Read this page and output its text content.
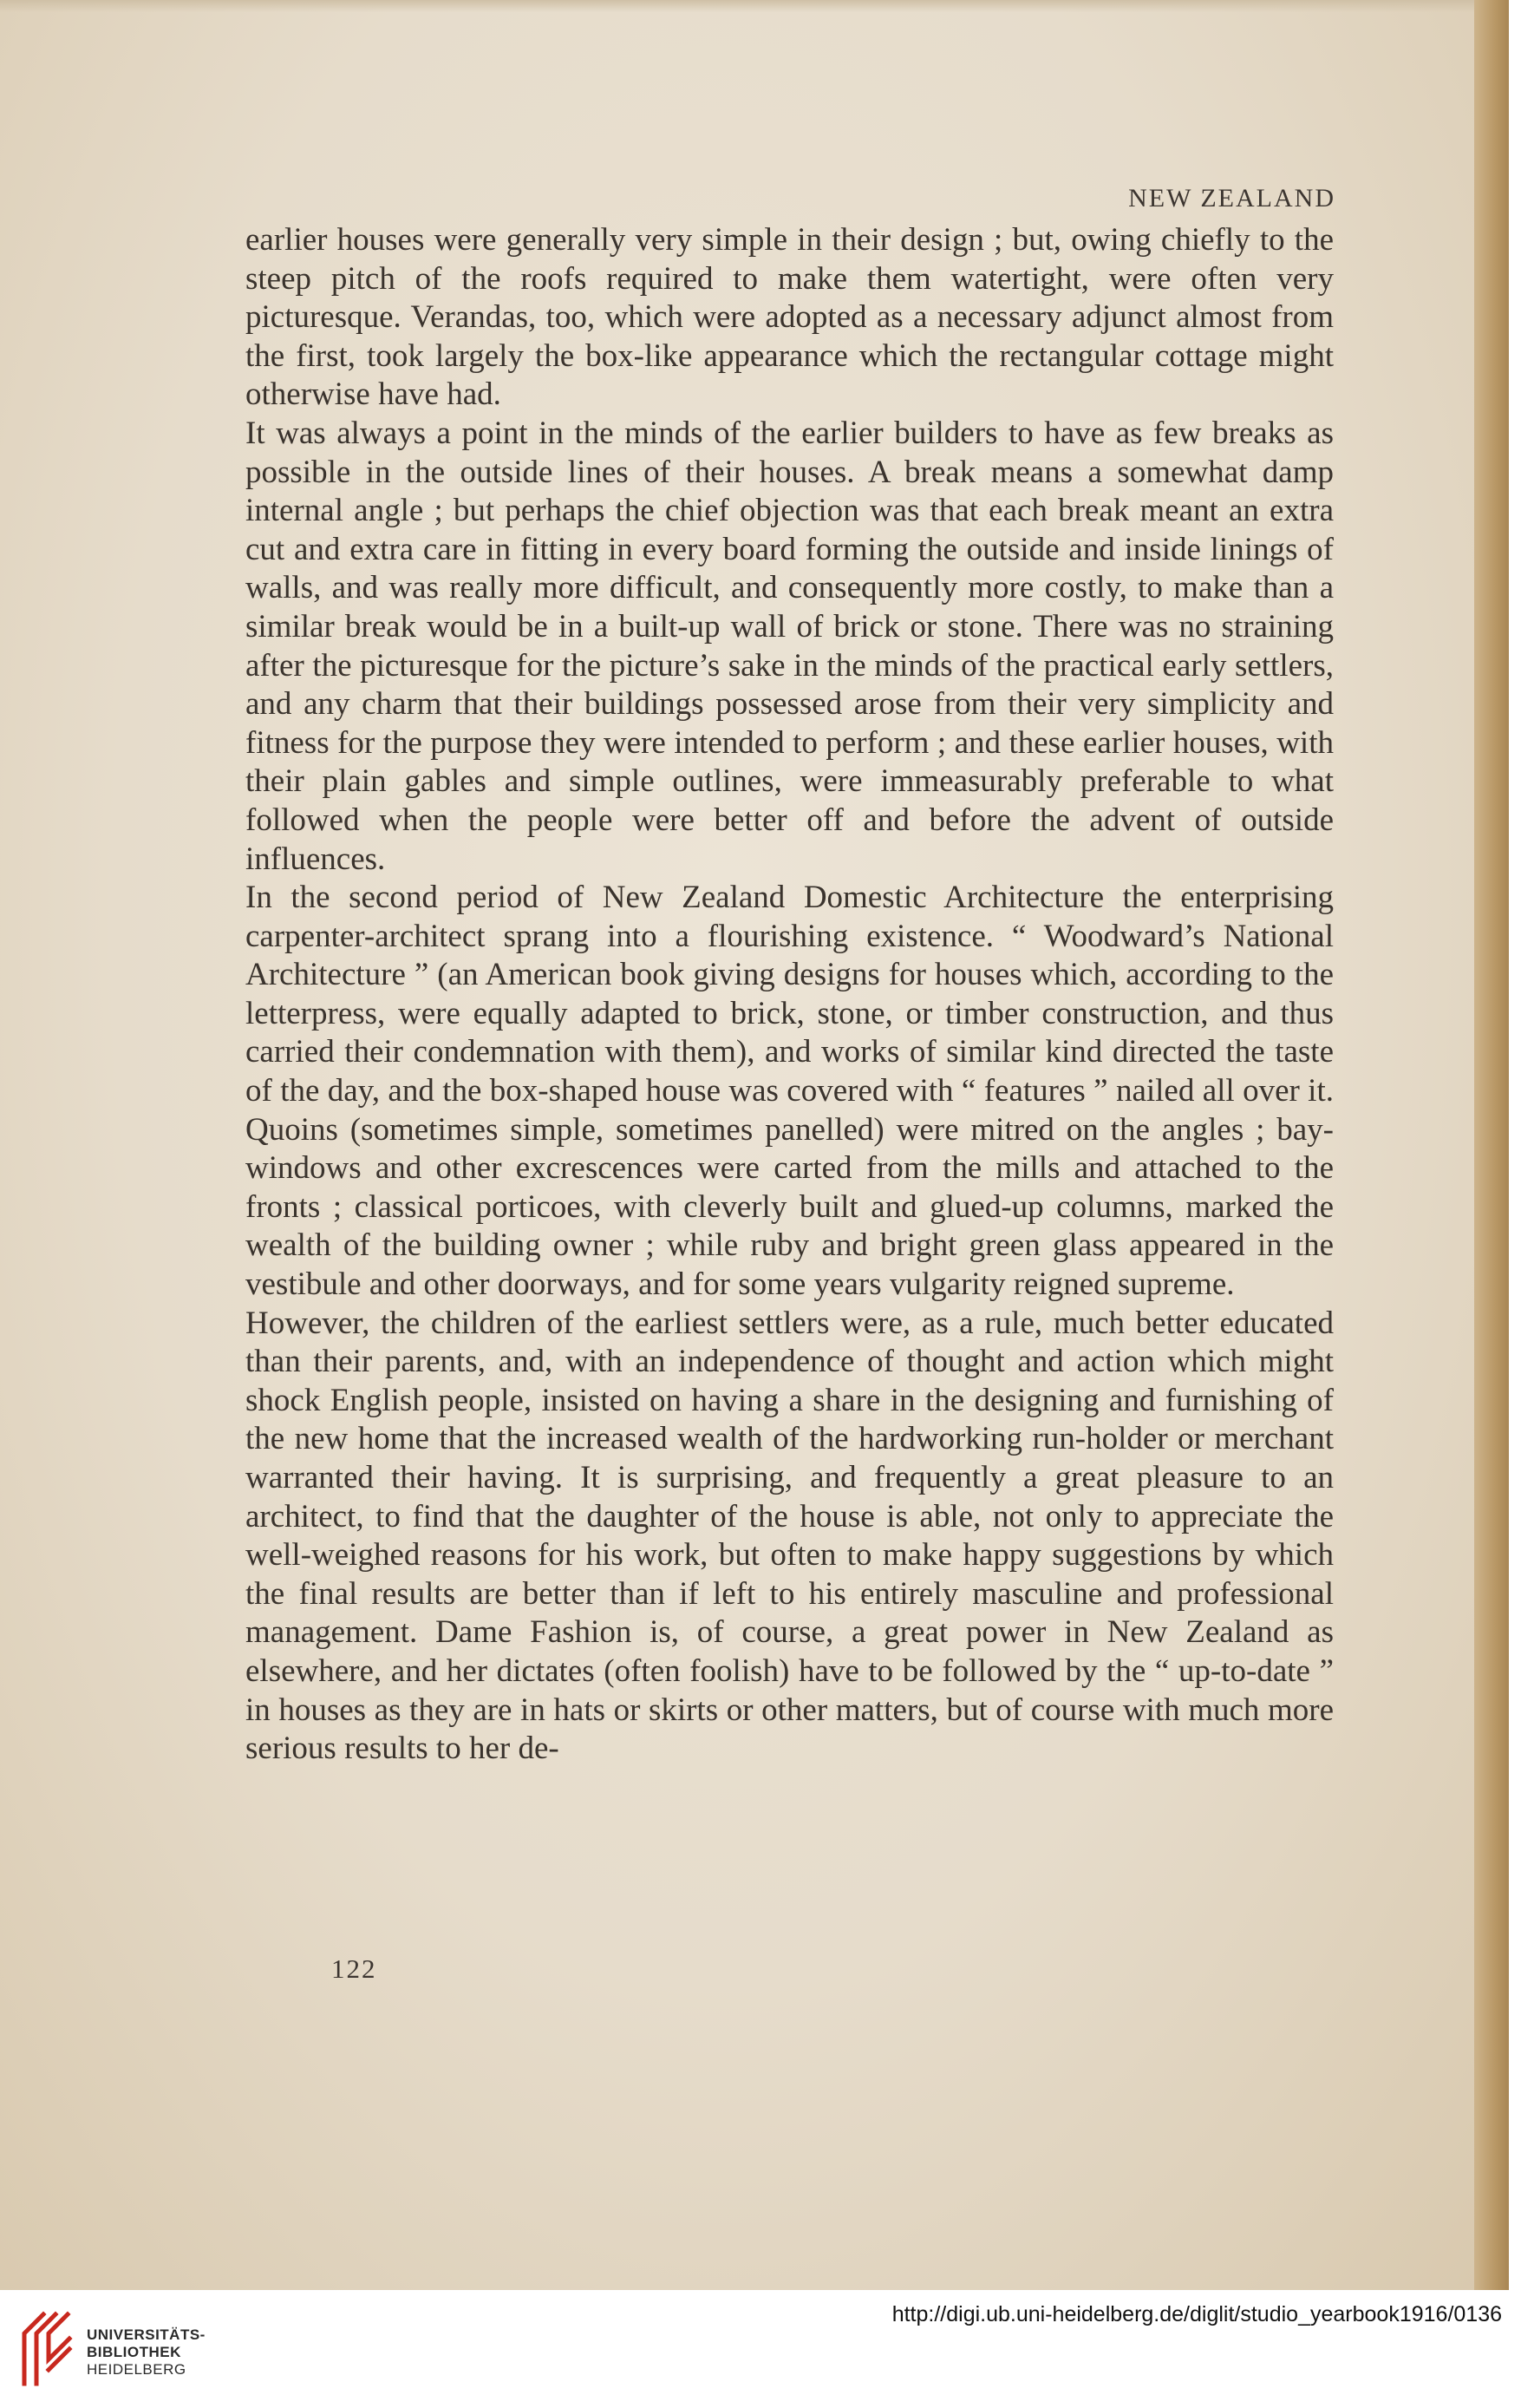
NEW ZEALAND

earlier houses were generally very simple in their design ; but, owing chiefly to the steep pitch of the roofs required to make them watertight, were often very picturesque. Verandas, too, which were adopted as a necessary adjunct almost from the first, took largely the box-like appearance which the rectangular cottage might otherwise have had.

It was always a point in the minds of the earlier builders to have as few breaks as possible in the outside lines of their houses. A break means a somewhat damp internal angle ; but perhaps the chief objection was that each break meant an extra cut and extra care in fitting in every board forming the outside and inside linings of walls, and was really more difficult, and consequently more costly, to make than a similar break would be in a built-up wall of brick or stone. There was no straining after the picturesque for the picture’s sake in the minds of the practical early settlers, and any charm that their buildings possessed arose from their very simplicity and fitness for the purpose they were intended to perform ; and these earlier houses, with their plain gables and simple outlines, were immeasurably preferable to what followed when the people were better off and before the advent of outside influences.

In the second period of New Zealand Domestic Architecture the enterprising carpenter-architect sprang into a flourishing existence. “ Woodward’s National Architecture ” (an American book giving designs for houses which, according to the letterpress, were equally adapted to brick, stone, or timber construction, and thus carried their condemnation with them), and works of similar kind directed the taste of the day, and the box-shaped house was covered with “ features ” nailed all over it. Quoins (sometimes simple, sometimes panelled) were mitred on the angles ; bay-windows and other excrescences were carted from the mills and attached to the fronts ; classical porticoes, with cleverly built and glued-up columns, marked the wealth of the building owner ; while ruby and bright green glass appeared in the vestibule and other doorways, and for some years vulgarity reigned supreme.

However, the children of the earliest settlers were, as a rule, much better educated than their parents, and, with an independence of thought and action which might shock English people, insisted on having a share in the designing and furnishing of the new home that the increased wealth of the hardworking run-holder or merchant warranted their having. It is surprising, and frequently a great pleasure to an architect, to find that the daughter of the house is able, not only to appreciate the well-weighed reasons for his work, but often to make happy suggestions by which the final results are better than if left to his entirely masculine and professional management. Dame Fashion is, of course, a great power in New Zealand as elsewhere, and her dictates (often foolish) have to be followed by the “ up-to-date ” in houses as they are in hats or skirts or other matters, but of course with much more serious results to her de-

122
UNIVERSITÄTS-
BIBLIOTHEK
HEIDELBERG
http://digi.ub.uni-heidelberg.de/diglit/studio_yearbook1916/0136
